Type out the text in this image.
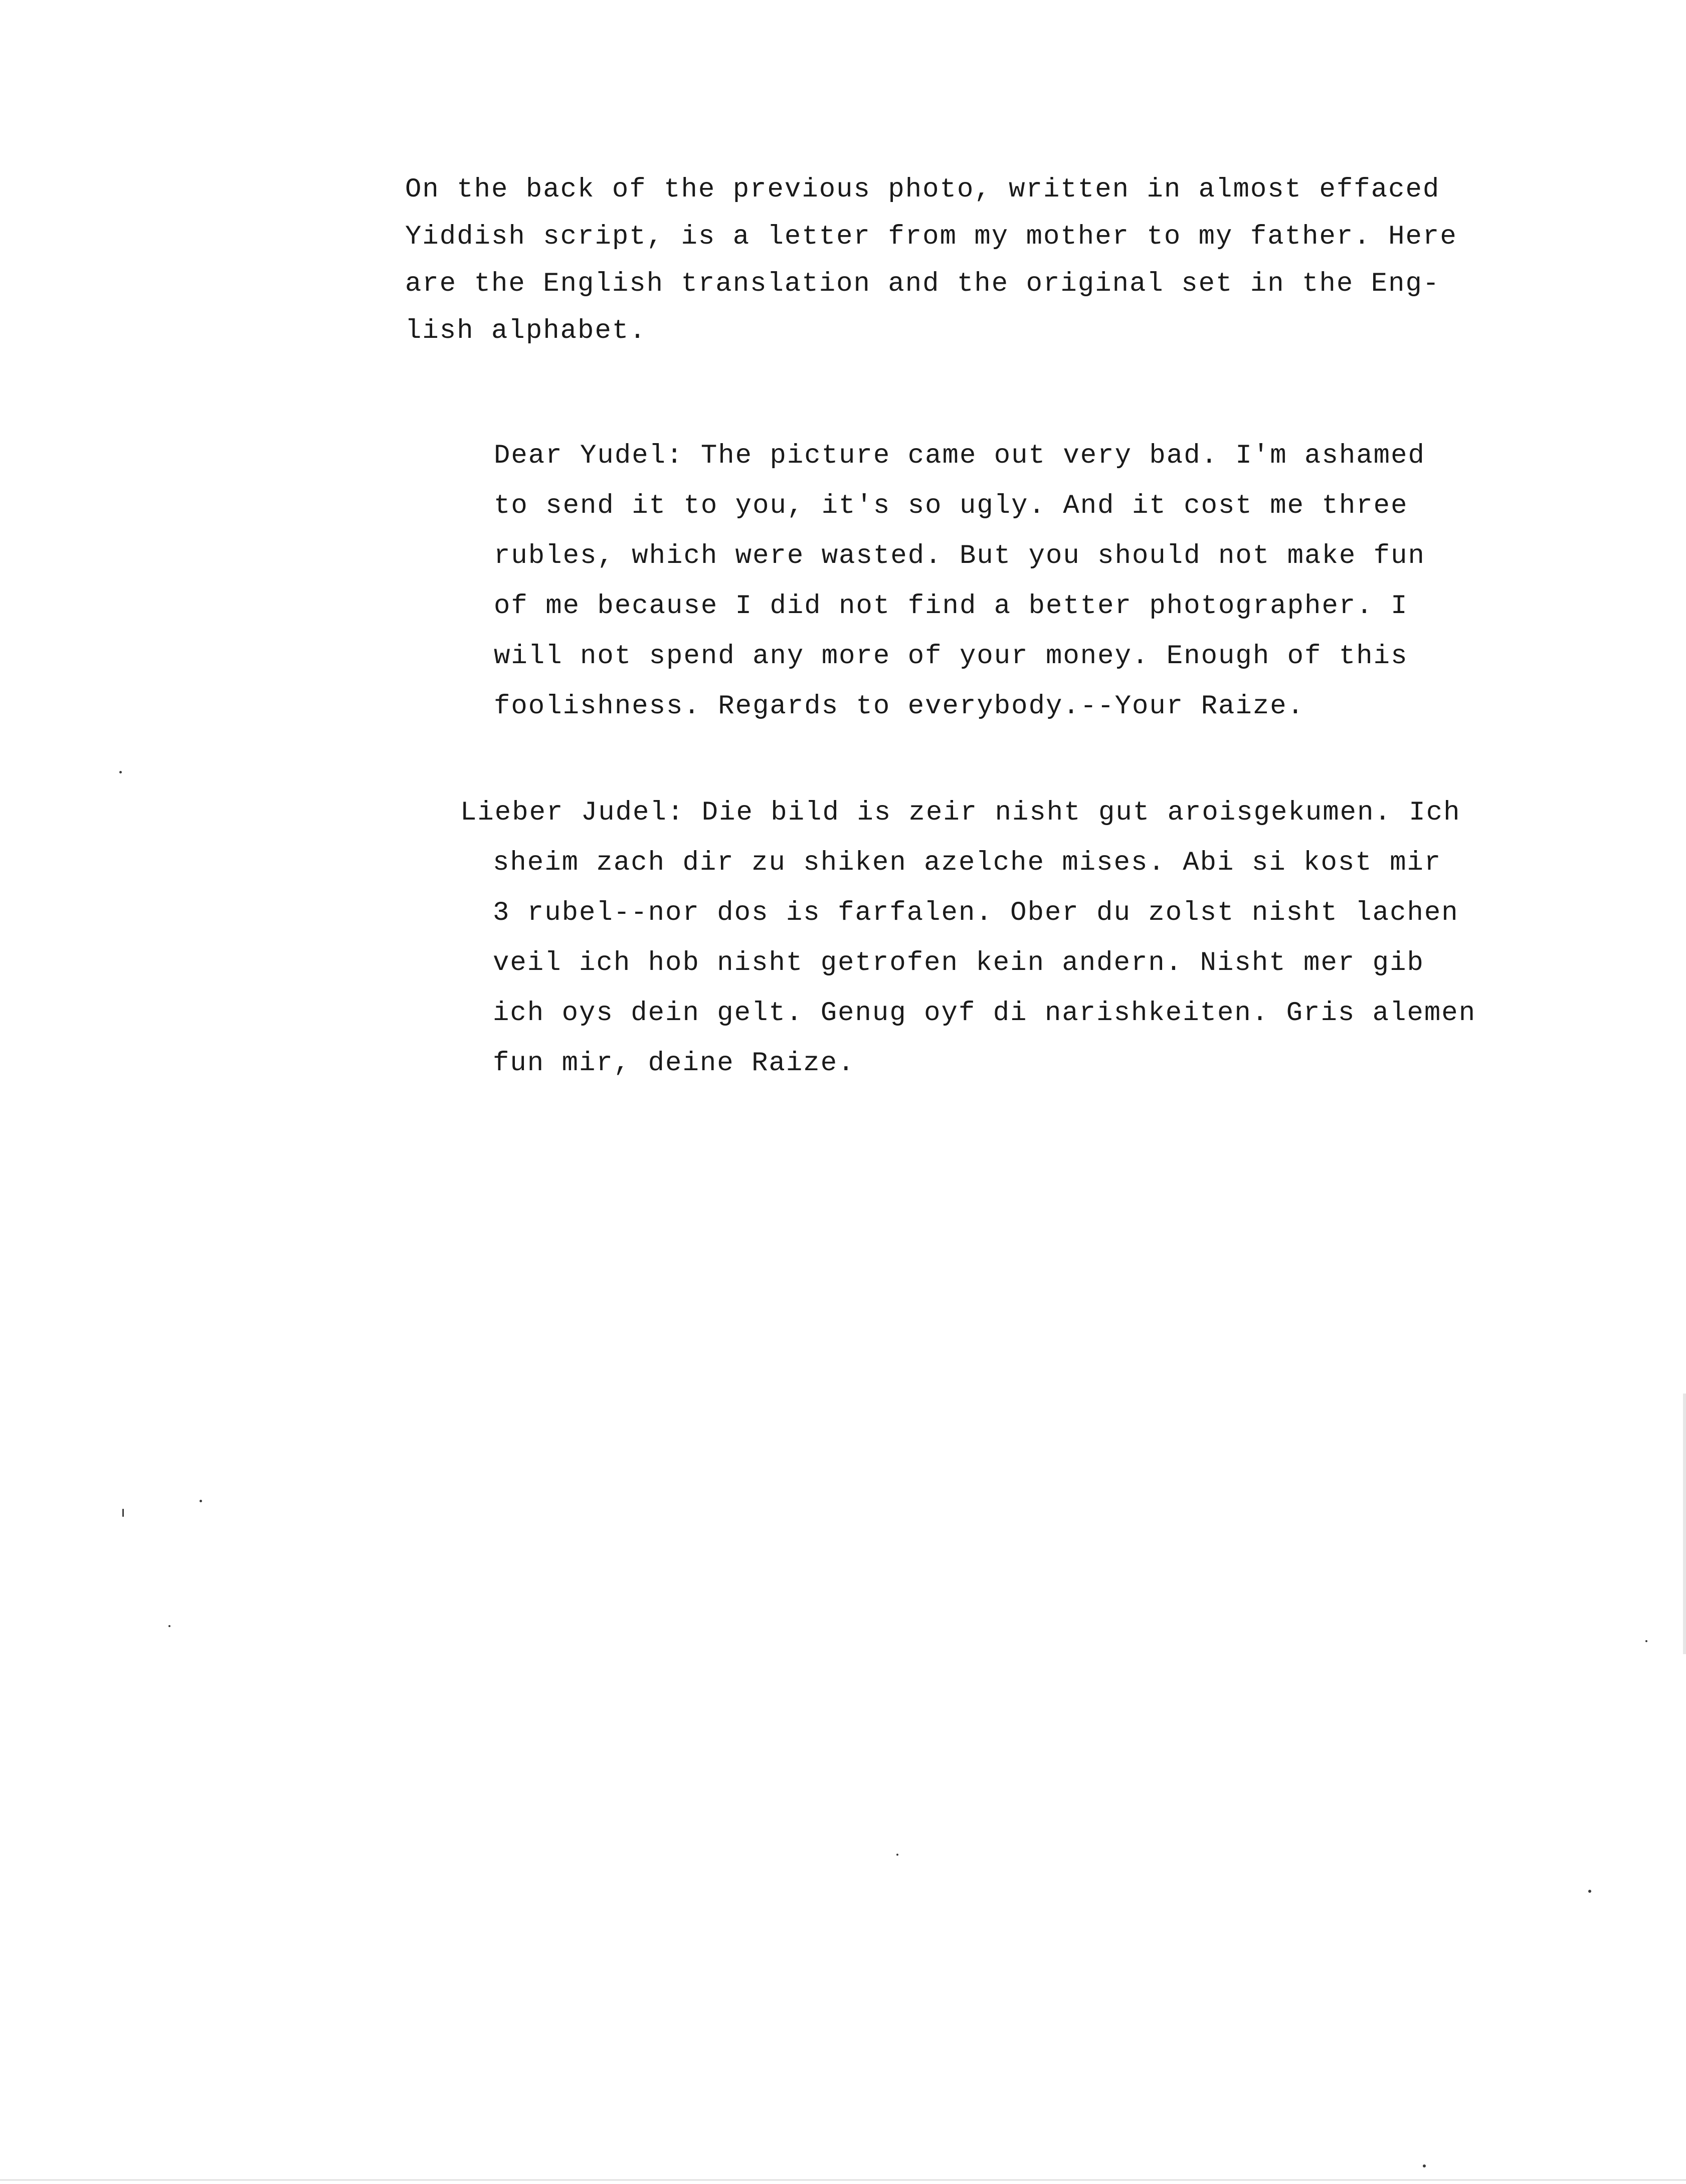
On the back of the previous photo, written in almost effaced
Yiddish script, is a letter from my mother to my father. Here
are the English translation and the original set in the Eng-
lish alphabet.
Dear Yudel: The picture came out very bad. I'm ashamed
to send it to you, it's so ugly. And it cost me three
rubles, which were wasted. But you should not make fun
of me because I did not find a better photographer. I
will not spend any more of your money. Enough of this
foolishness. Regards to everybody.--Your Raize.
Lieber Judel: Die bild is zeir nisht gut aroisgekumen. Ich
sheim zach dir zu shiken azelche mises. Abi si kost mir
3 rubel--nor dos is farfalen. Ober du zolst nisht lachen
veil ich hob nisht getrofen kein andern. Nisht mer gib
ich oys dein gelt. Genug oyf di narishkeiten. Gris alemen
fun mir, deine Raize.
